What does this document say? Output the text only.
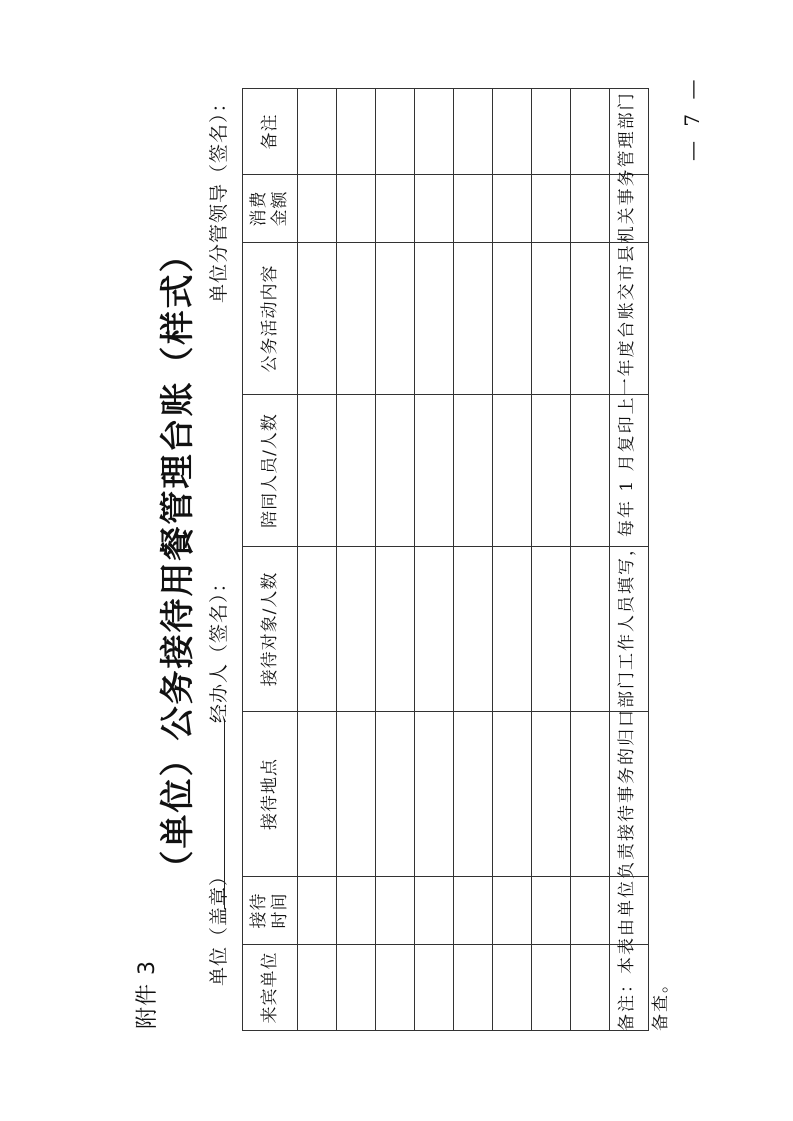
附件 3
（单位）公务接待用餐管理台账（样式）
单位（盖章）
经办人（签名）：
单位分管领导（签名）：
来宾单位	接待时间	接待地点	接待对象/人数	陪同人员/人数	公务活动内容	消费金额	备注

								备注：本表由单位负责接待事务的归口部门工作人员填写，每年 1 月复印上一年度台账交市县机关事务管理部门备查。
— 7 —
